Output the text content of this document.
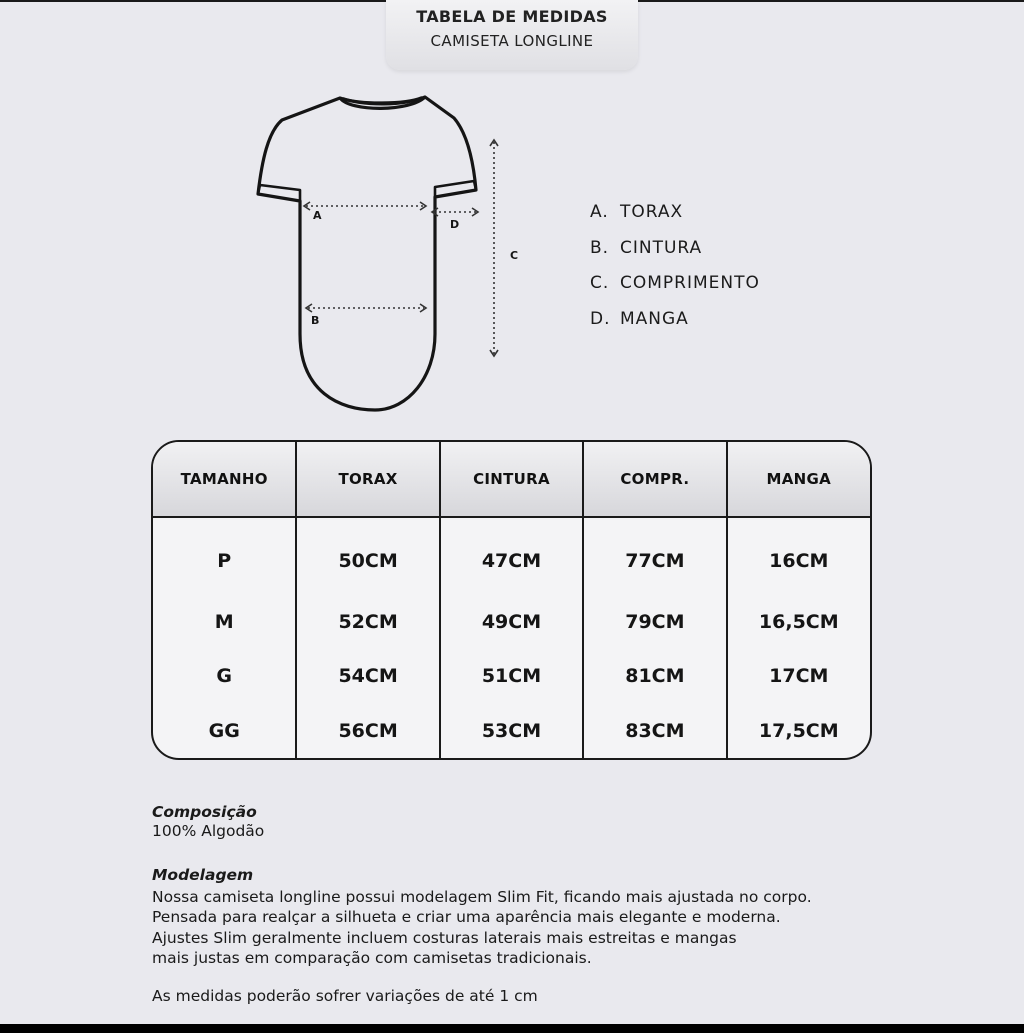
TABELA DE MEDIDAS
CAMISETA LONGLINE
A
B
C
D
A. TORAX
B. CINTURA
C. COMPRIMENTO
D. MANGA
TAMANHO	TORAX	CINTURA	COMPR.	MANGA
P	50CM	47CM	77CM	16CM
M	52CM	49CM	79CM	16,5CM
G	54CM	51CM	81CM	17CM
GG	56CM	53CM	83CM	17,5CM
Composição
100% Algodão
Modelagem
Nossa camiseta longline possui modelagem Slim Fit, ficando mais ajustada no corpo.
Pensada para realçar a silhueta e criar uma aparência mais elegante e moderna.
Ajustes Slim geralmente incluem costuras laterais mais estreitas e mangas
mais justas em comparação com camisetas tradicionais.
As medidas poderão sofrer variações de até 1 cm
